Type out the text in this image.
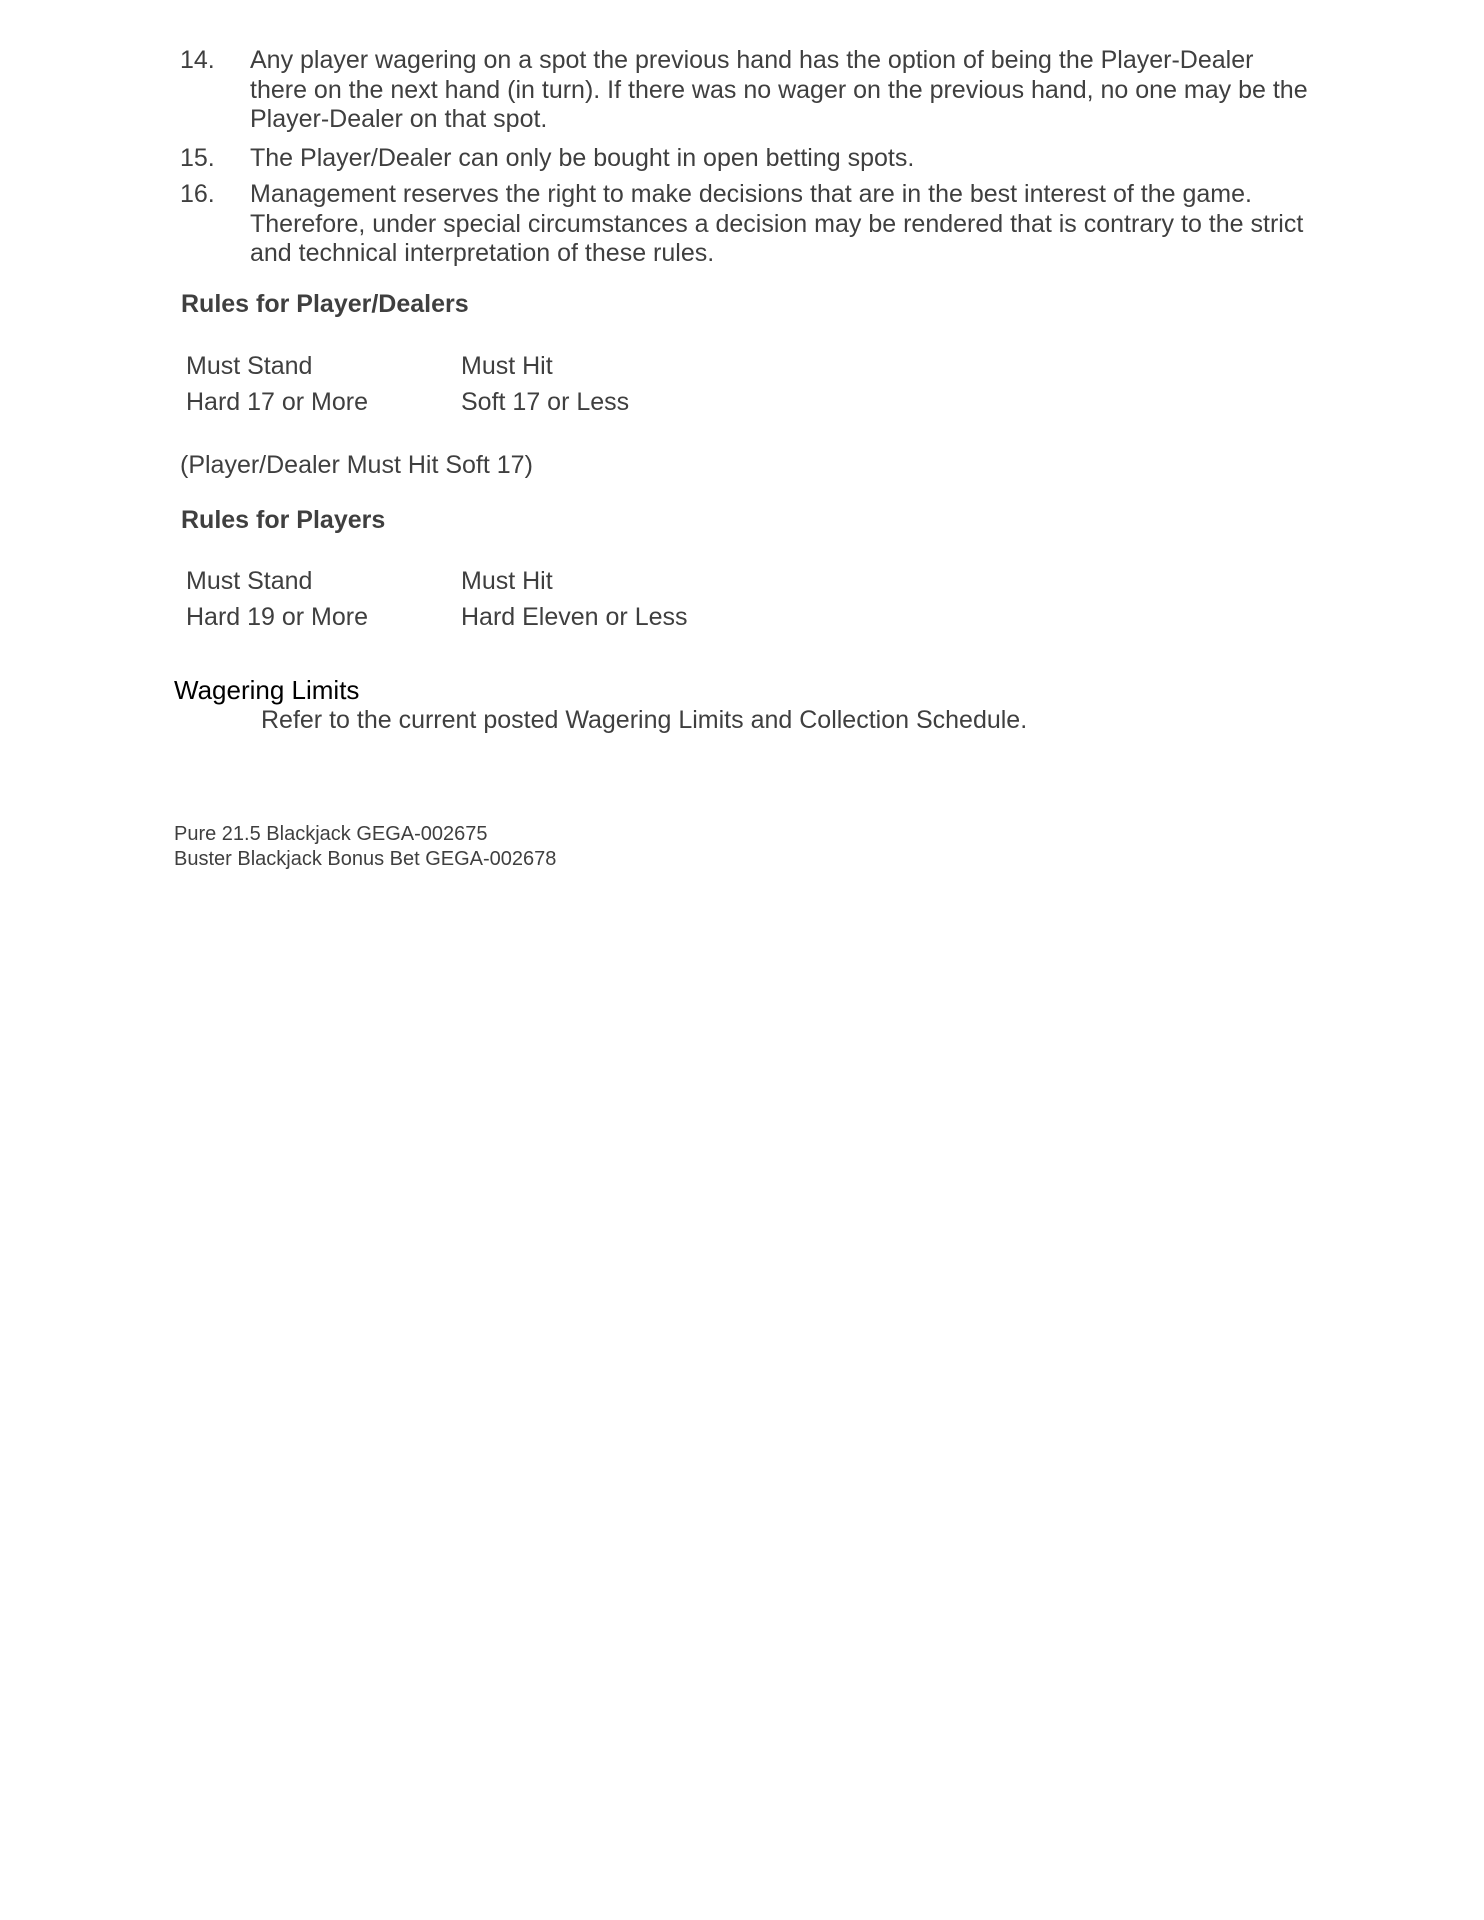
14.	Any player wagering on a spot the previous hand has the option of being the Player-Dealer there on the next hand (in turn). If there was no wager on the previous hand, no one may be the Player-Dealer on that spot.
15.	The Player/Dealer can only be bought in open betting spots.
16.	Management reserves the right to make decisions that are in the best interest of the game. Therefore, under special circumstances a decision may be rendered that is contrary to the strict and technical interpretation of these rules.
Rules for Player/Dealers
Must Stand	Must Hit
Hard 17 or More	Soft 17 or Less
(Player/Dealer Must Hit Soft 17)
Rules for Players
Must Stand	Must Hit
Hard 19 or More	Hard Eleven or Less
Wagering Limits
Refer to the current posted Wagering Limits and Collection Schedule.
Pure 21.5 Blackjack GEGA-002675
Buster Blackjack Bonus Bet GEGA-002678
